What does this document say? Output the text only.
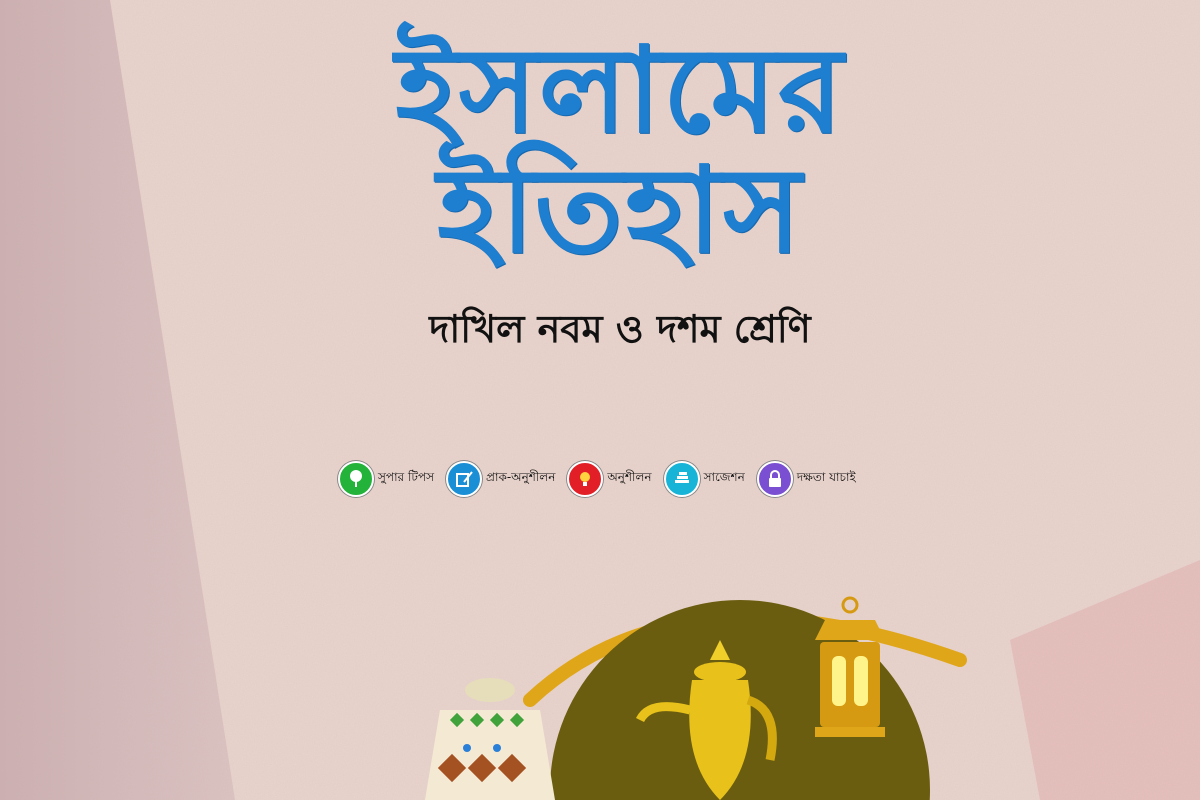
ইসলামের
ইতিহাস
দাখিল নবম ও দশম শ্রেণি
সুপার টিপস	প্রাক-অনুশীলন	অনুশীলন	সাজেশন	দক্ষতা যাচাই
